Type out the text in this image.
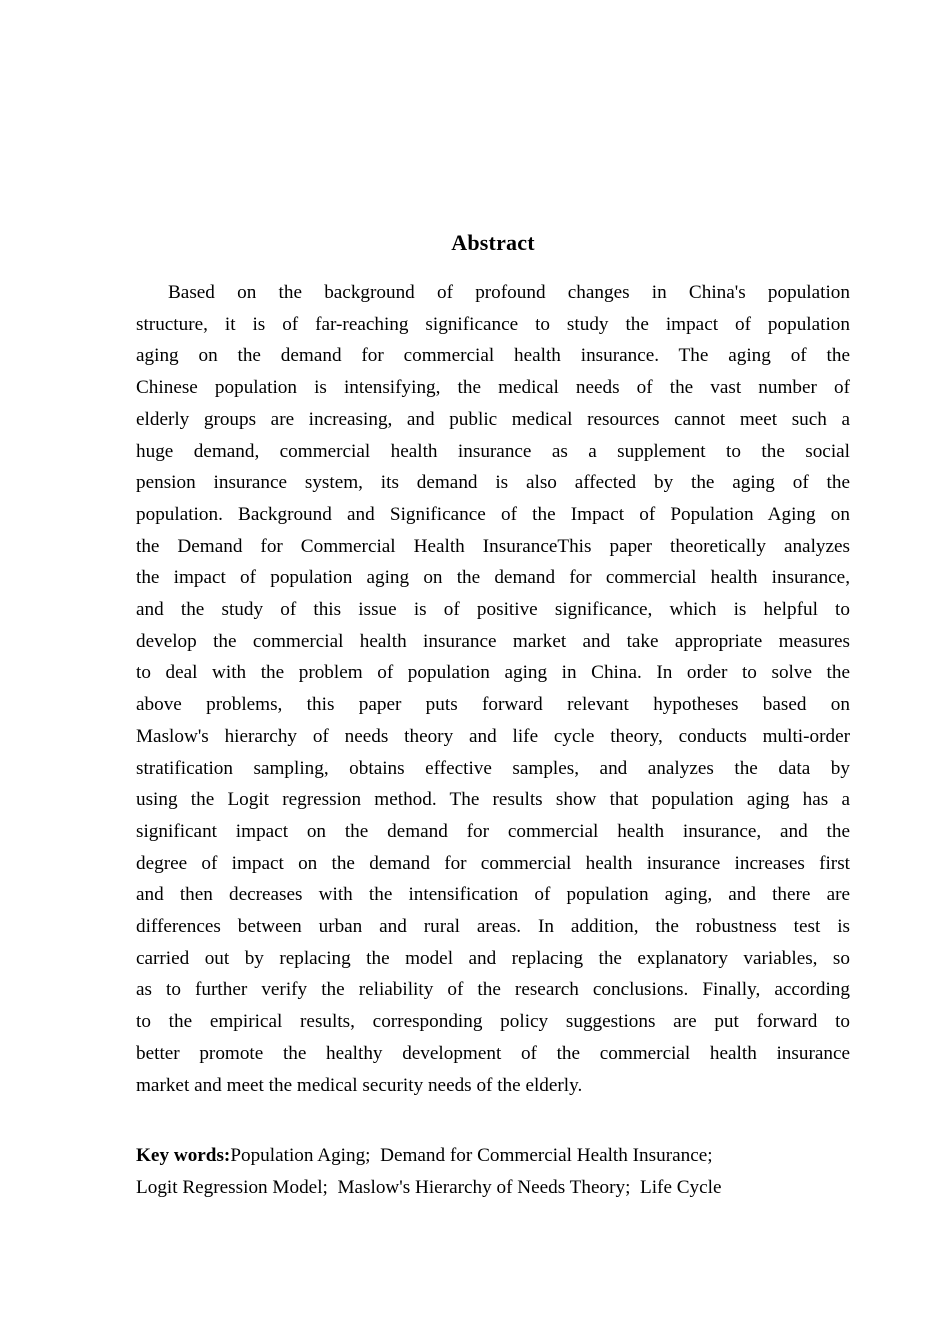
Abstract
Based on the background of profound changes in China's population
structure, it is of far-reaching significance to study the impact of population
aging on the demand for commercial health insurance. The aging of the
Chinese population is intensifying, the medical needs of the vast number of
elderly groups are increasing, and public medical resources cannot meet such a
huge demand, commercial health insurance as a supplement to the social
pension insurance system, its demand is also affected by the aging of the
population. Background and Significance of the Impact of Population Aging on
the Demand for Commercial Health InsuranceThis paper theoretically analyzes
the impact of population aging on the demand for commercial health insurance,
and the study of this issue is of positive significance, which is helpful to
develop the commercial health insurance market and take appropriate measures
to deal with the problem of population aging in China. In order to solve the
above problems, this paper puts forward relevant hypotheses based on
Maslow's hierarchy of needs theory and life cycle theory, conducts multi-order
stratification sampling, obtains effective samples, and analyzes the data by
using the Logit regression method. The results show that population aging has a
significant impact on the demand for commercial health insurance, and the
degree of impact on the demand for commercial health insurance increases first
and then decreases with the intensification of population aging, and there are
differences between urban and rural areas. In addition, the robustness test is
carried out by replacing the model and replacing the explanatory variables, so
as to further verify the reliability of the research conclusions. Finally, according
to the empirical results, corresponding policy suggestions are put forward to
better promote the healthy development of the commercial health insurance
market and meet the medical security needs of the elderly.
Key words:Population Aging;  Demand for Commercial Health Insurance;
Logit Regression Model;  Maslow's Hierarchy of Needs Theory;  Life Cycle
